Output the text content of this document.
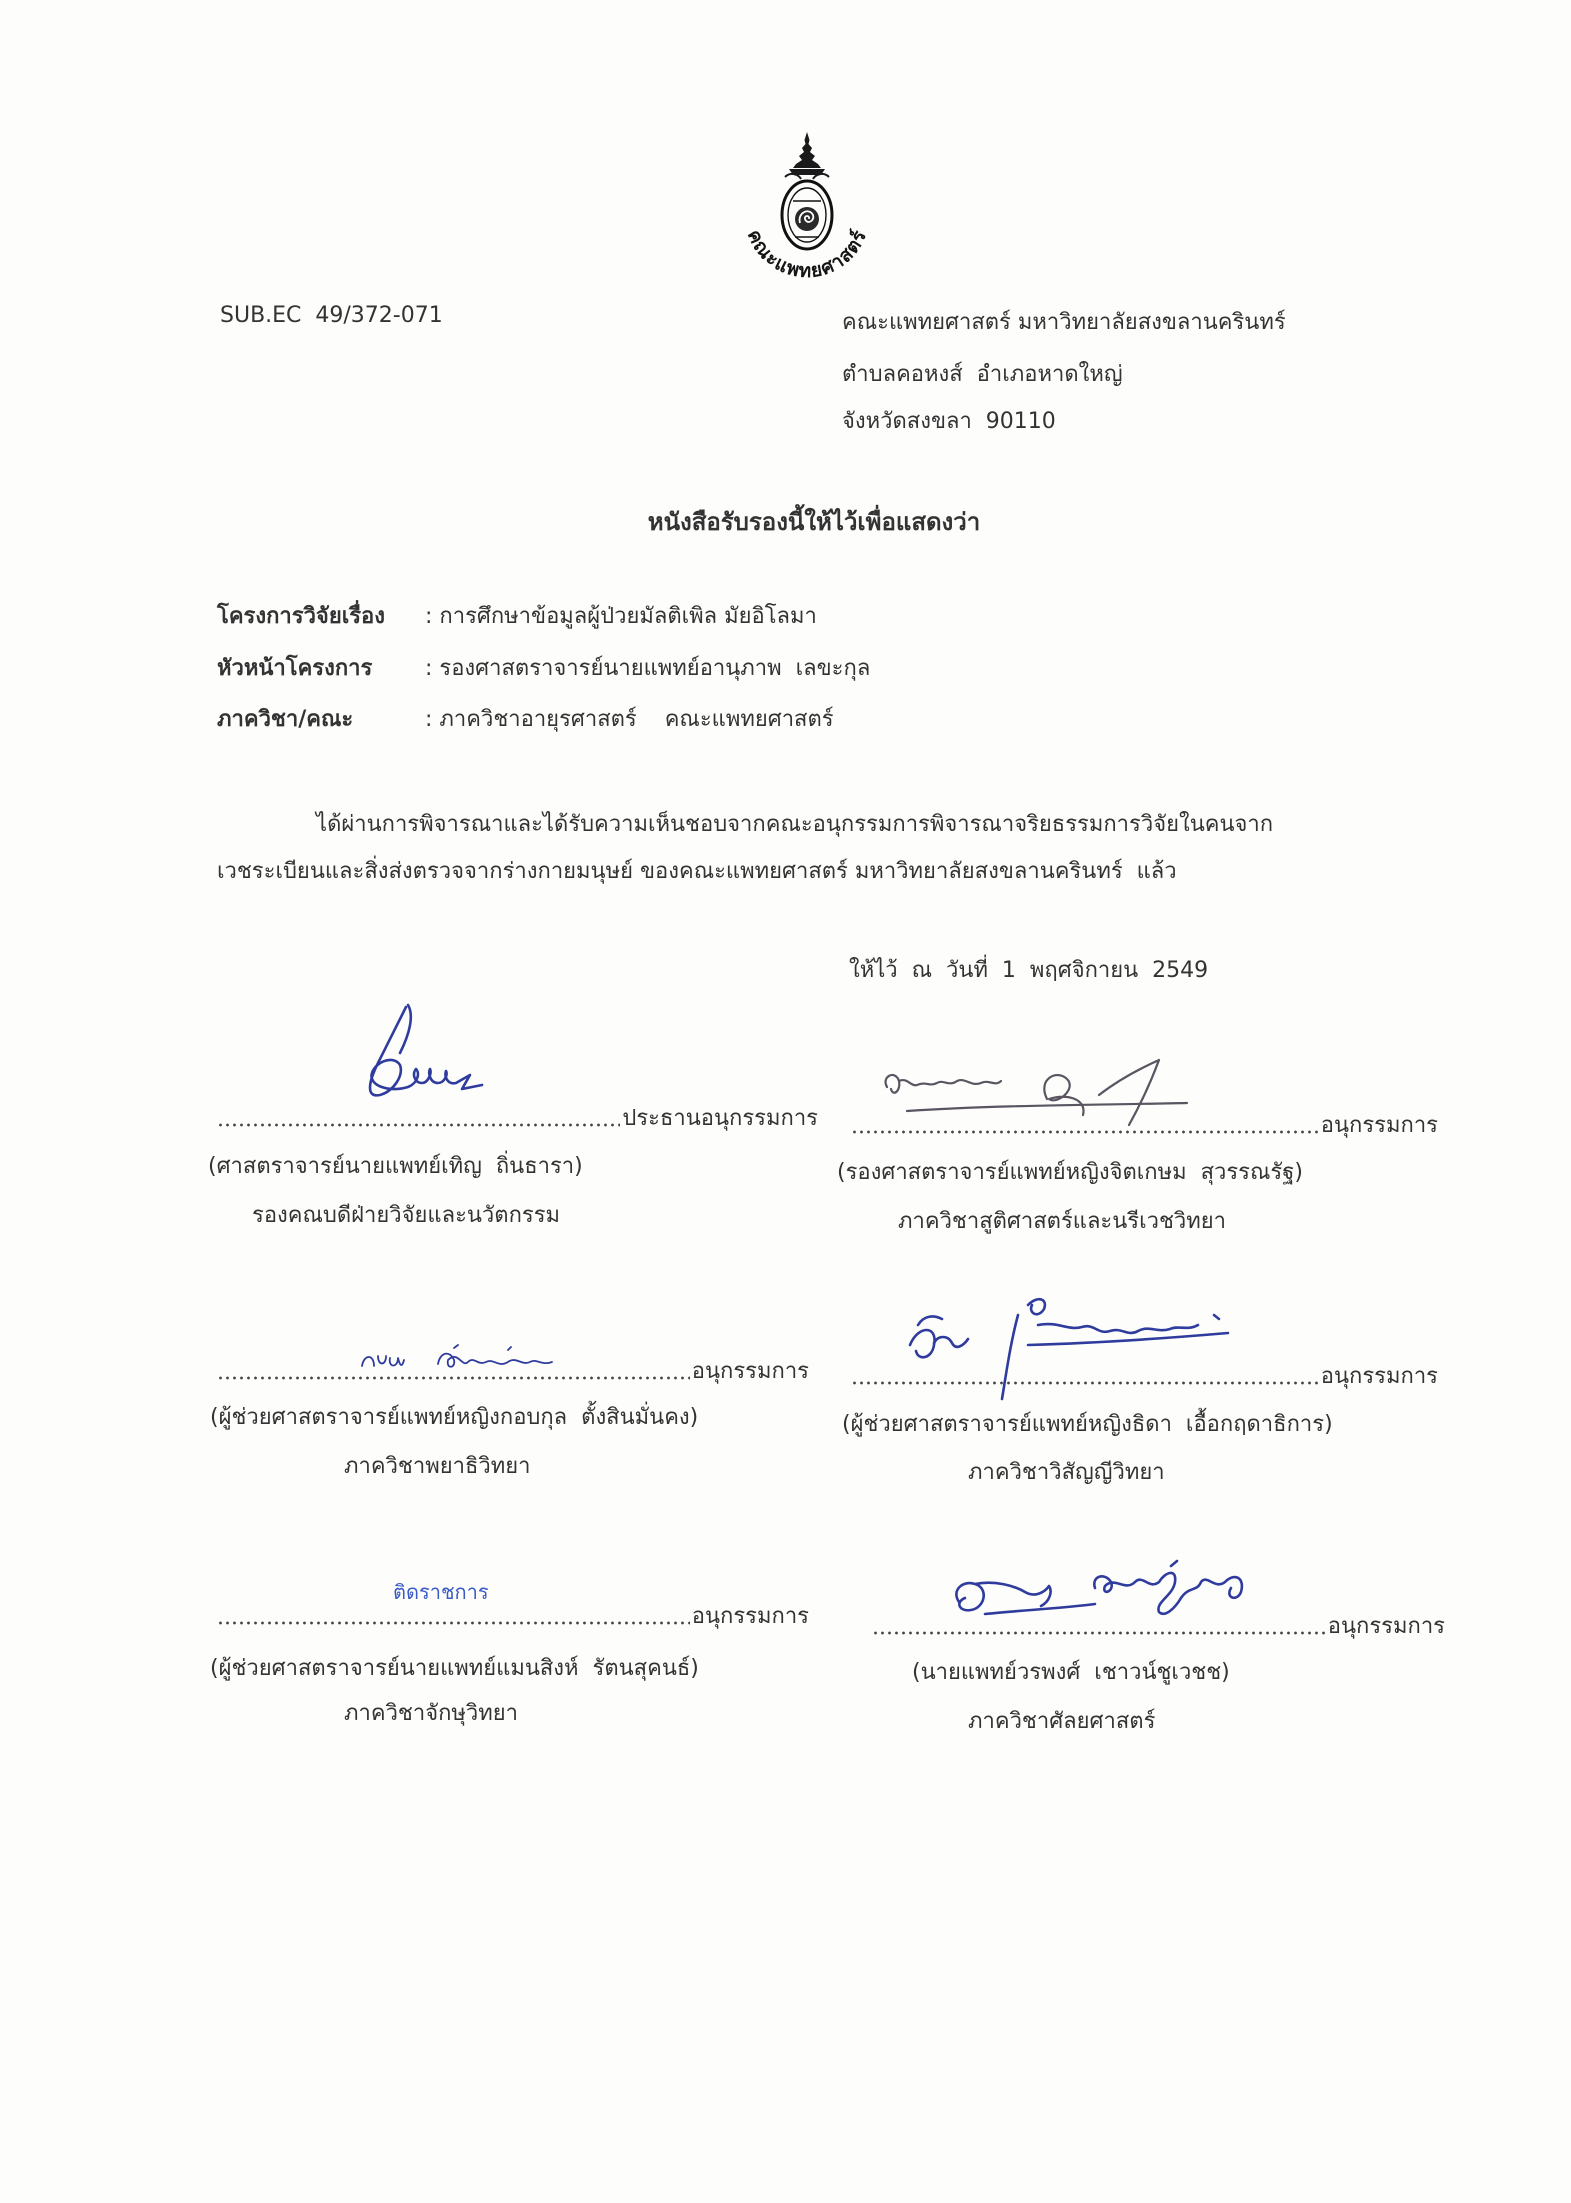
คณะแพทยศาสตร์
SUB.EC  49/372-071	คณะแพทยศาสตร์ มหาวิทยาลัยสงขลานครินทร์
ตำบลคอหงส์  อำเภอหาดใหญ่
จังหวัดสงขลา  90110
หนังสือรับรองนี้ให้ไว้เพื่อแสดงว่า
โครงการวิจัยเรื่อง	: การศึกษาข้อมูลผู้ป่วยมัลติเพิล มัยอิโลมา
หัวหน้าโครงการ	: รองศาสตราจารย์นายแพทย์อานุภาพ  เลขะกุล
ภาควิชา/คณะ	: ภาควิชาอายุรศาสตร์    คณะแพทยศาสตร์
ได้ผ่านการพิจารณาและได้รับความเห็นชอบจากคณะอนุกรรมการพิจารณาจริยธรรมการวิจัยในคนจาก
เวชระเบียนและสิ่งส่งตรวจจากร่างกายมนุษย์ ของคณะแพทยศาสตร์ มหาวิทยาลัยสงขลานครินทร์  แล้ว
ให้ไว้  ณ  วันที่  1  พฤศจิกายน  2549
ประธานอนุกรรมการ
(ศาสตราจารย์นายแพทย์เทิญ  ถิ่นธารา)
รองคณบดีฝ่ายวิจัยและนวัตกรรม
อนุกรรมการ
(รองศาสตราจารย์แพทย์หญิงจิตเกษม  สุวรรณรัฐ)
ภาควิชาสูติศาสตร์และนรีเวชวิทยา
อนุกรรมการ
(ผู้ช่วยศาสตราจารย์แพทย์หญิงกอบกุล  ตั้งสินมั่นคง)
ภาควิชาพยาธิวิทยา
อนุกรรมการ
(ผู้ช่วยศาสตราจารย์แพทย์หญิงธิดา  เอื้อกฤดาธิการ)
ภาควิชาวิสัญญีวิทยา
ติดราชการ
อนุกรรมการ
(ผู้ช่วยศาสตราจารย์นายแพทย์แมนสิงห์  รัตนสุคนธ์)
ภาควิชาจักษุวิทยา
อนุกรรมการ
(นายแพทย์วรพงศ์  เชาวน์ชูเวชช)
ภาควิชาศัลยศาสตร์
